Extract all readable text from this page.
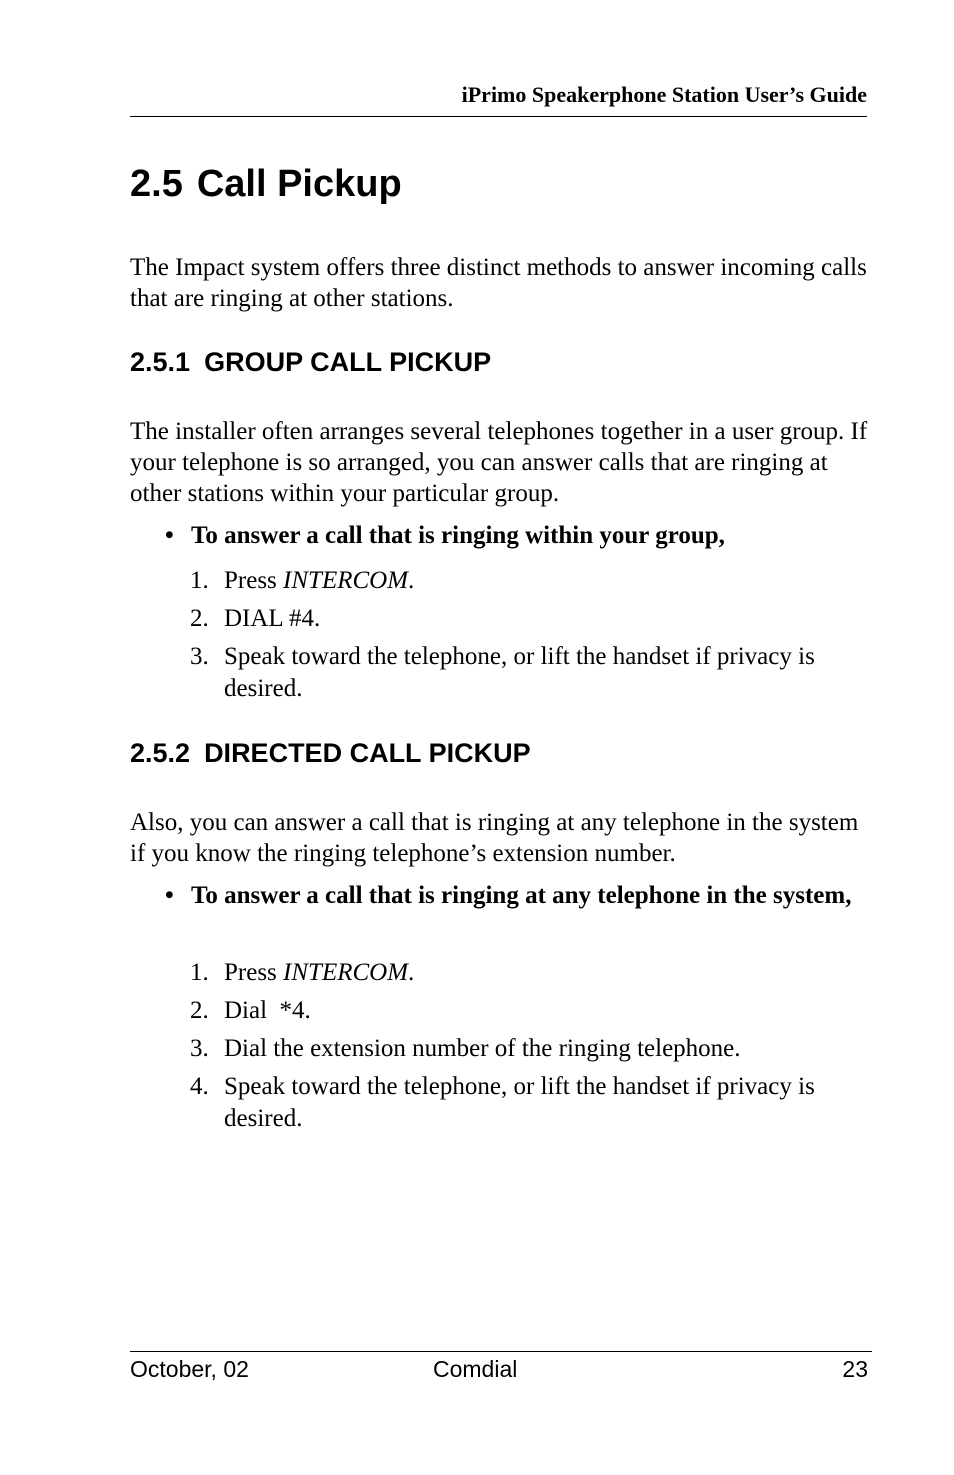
iPrimo Speakerphone Station User’s Guide
2.5 Call Pickup

The Impact system offers three distinct methods to answer incoming calls that are ringing at other stations.

2.5.1 GROUP CALL PICKUP

The installer often arranges several telephones together in a user group. If your telephone is so arranged, you can answer calls that are ringing at other stations within your particular group.

• To answer a call that is ringing within your group,

1. Press INTERCOM.
2. DIAL #4.
3. Speak toward the telephone, or lift the handset if privacy is desired.
2.5.2 DIRECTED CALL PICKUP

Also, you can answer a call that is ringing at any telephone in the system if you know the ringing telephone’s extension number.

• To answer a call that is ringing at any telephone in the system,

1. Press INTERCOM.
2. Dial  *4.
3. Dial the extension number of the ringing telephone.
4. Speak toward the telephone, or lift the handset if privacy is desired.
October, 02	Comdial	23
